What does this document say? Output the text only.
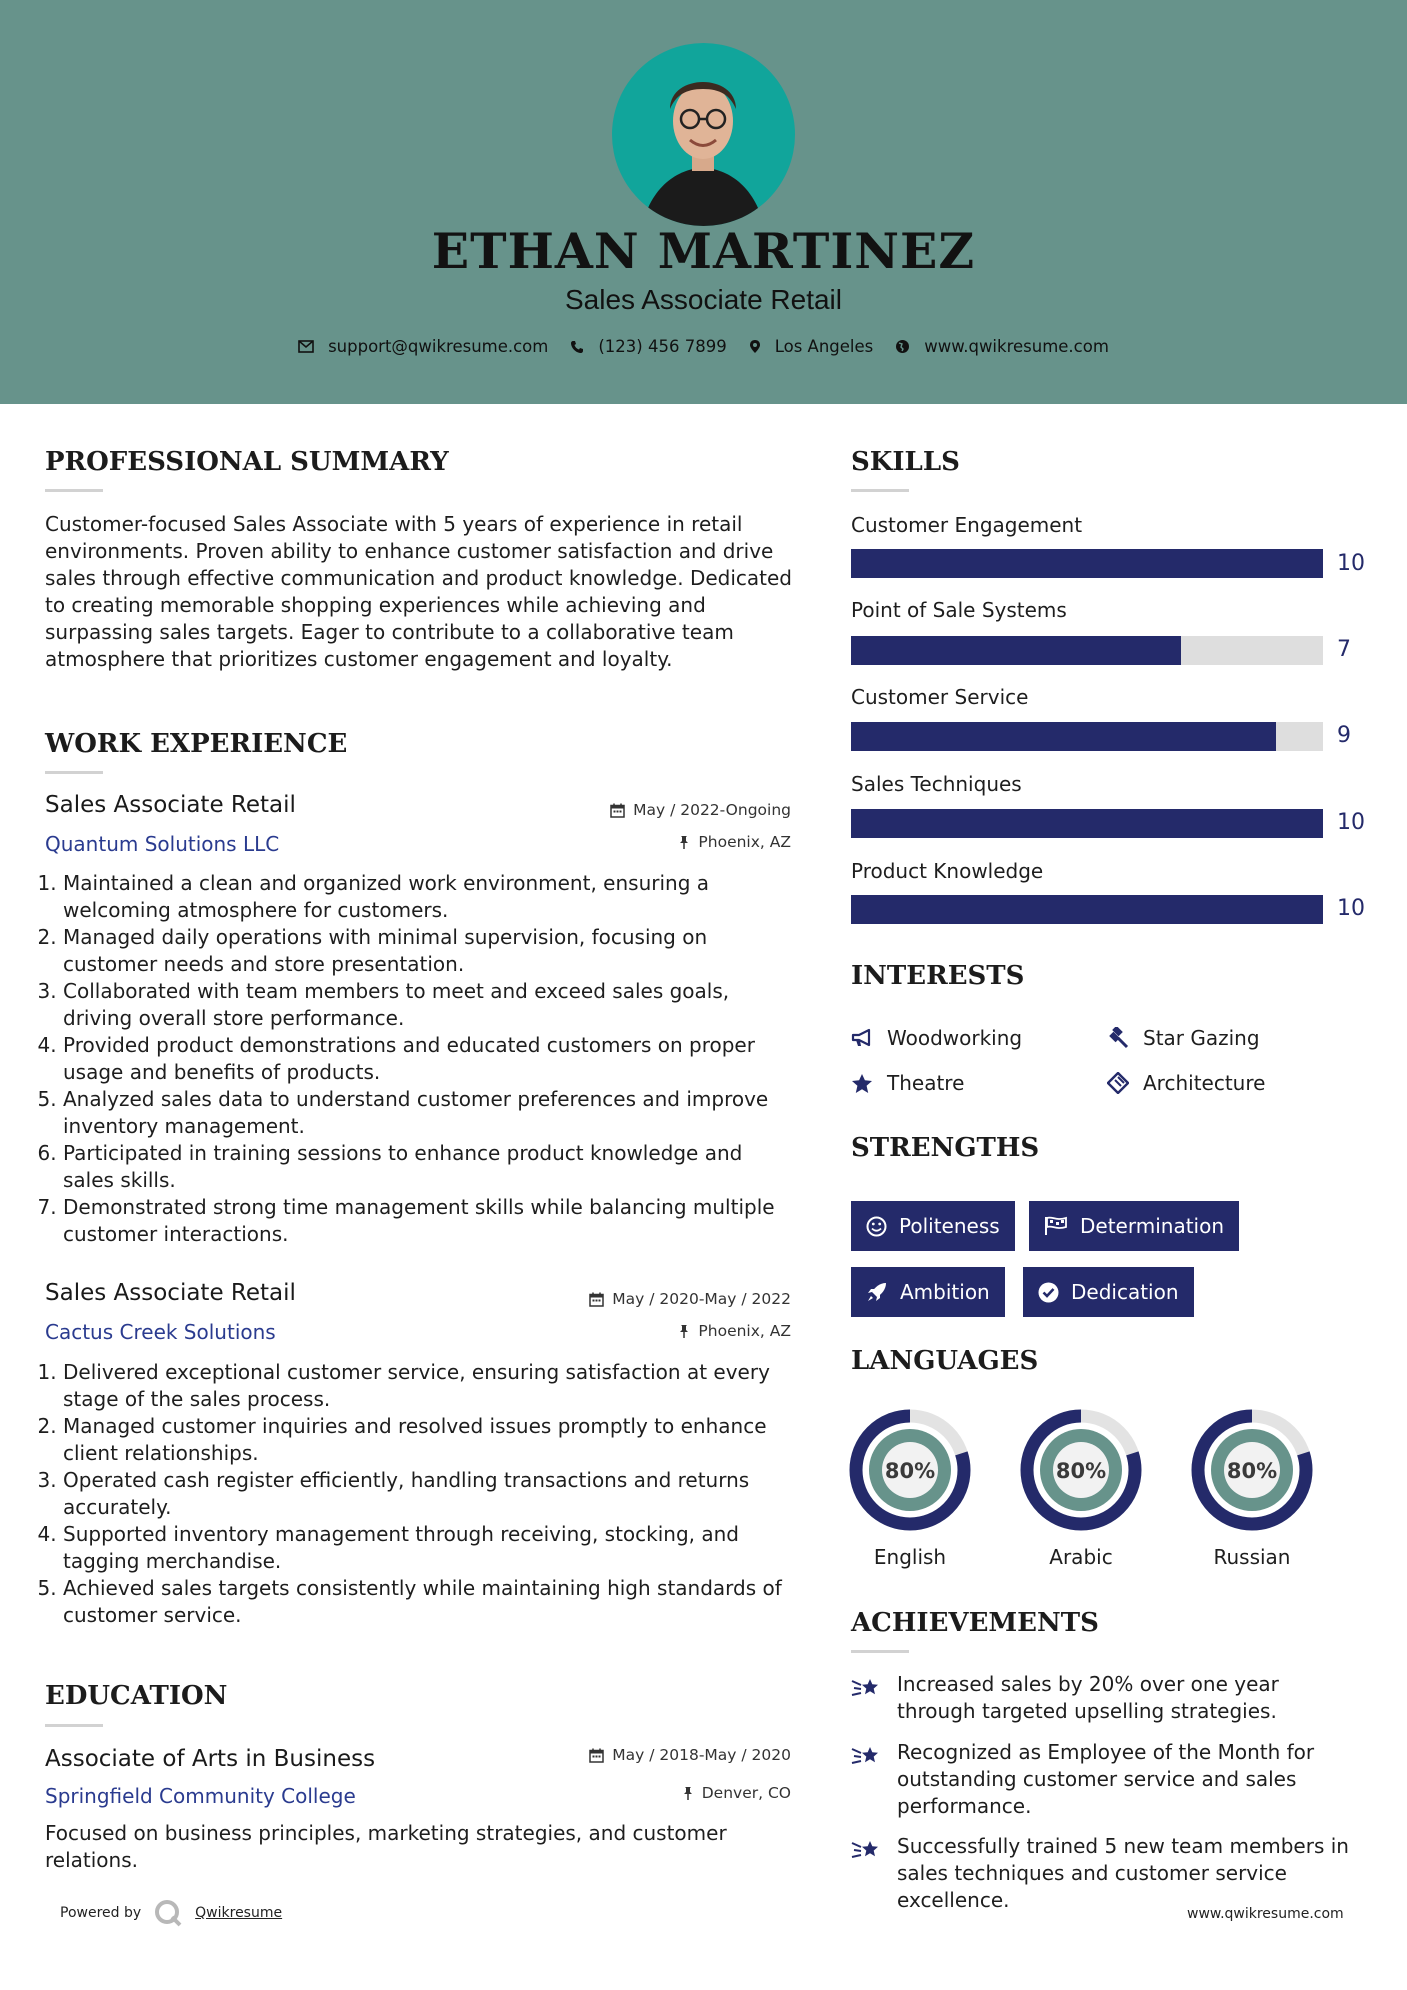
ETHAN MARTINEZ
Sales Associate Retail
support@qwikresume.com	(123) 456 7899	Los Angeles	www.qwikresume.com
PROFESSIONAL SUMMARY
Customer-focused Sales Associate with 5 years of experience in retail environments. Proven ability to enhance customer satisfaction and drive sales through effective communication and product knowledge. Dedicated to creating memorable shopping experiences while achieving and surpassing sales targets. Eager to contribute to a collaborative team atmosphere that prioritizes customer engagement and loyalty.
WORK EXPERIENCE
Sales Associate Retail	May / 2022-Ongoing
Quantum Solutions LLC	Phoenix, AZ
1. Maintained a clean and organized work environment, ensuring a welcoming atmosphere for customers.
2. Managed daily operations with minimal supervision, focusing on customer needs and store presentation.
3. Collaborated with team members to meet and exceed sales goals, driving overall store performance.
4. Provided product demonstrations and educated customers on proper usage and benefits of products.
5. Analyzed sales data to understand customer preferences and improve inventory management.
6. Participated in training sessions to enhance product knowledge and sales skills.
7. Demonstrated strong time management skills while balancing multiple customer interactions.
Sales Associate Retail	May / 2020-May / 2022
Cactus Creek Solutions	Phoenix, AZ
1. Delivered exceptional customer service, ensuring satisfaction at every stage of the sales process.
2. Managed customer inquiries and resolved issues promptly to enhance client relationships.
3. Operated cash register efficiently, handling transactions and returns accurately.
4. Supported inventory management through receiving, stocking, and tagging merchandise.
5. Achieved sales targets consistently while maintaining high standards of customer service.
EDUCATION
Associate of Arts in Business	May / 2018-May / 2020
Springfield Community College	Denver, CO
Focused on business principles, marketing strategies, and customer relations.
SKILLS
Customer Engagement
10
Point of Sale Systems
7
Customer Service
9
Sales Techniques
10
Product Knowledge
10
INTERESTS
Woodworking	Star Gazing
Theatre	Architecture
STRENGTHS
Politeness	Determination
Ambition	Dedication
LANGUAGES
80%
English
80%
Arabic
80%
Russian
ACHIEVEMENTS
Increased sales by 20% over one year through targeted upselling strategies.
Recognized as Employee of the Month for outstanding customer service and sales performance.
Successfully trained 5 new team members in sales techniques and customer service excellence.
Powered by	Qwikresume	www.qwikresume.com
